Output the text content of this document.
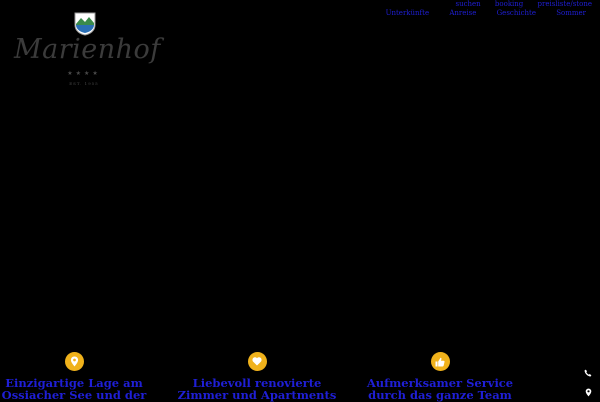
Marienhof
★★★★
EST. 1955
suchen booking preisliste/stone
Unterkünfte	Anreise	Geschichte	Sommer
Einzigartige Lage am Ossiacher See und der
Liebevoll renovierte Zimmer und Apartments
Aufmerksamer Service durch das ganze Team
